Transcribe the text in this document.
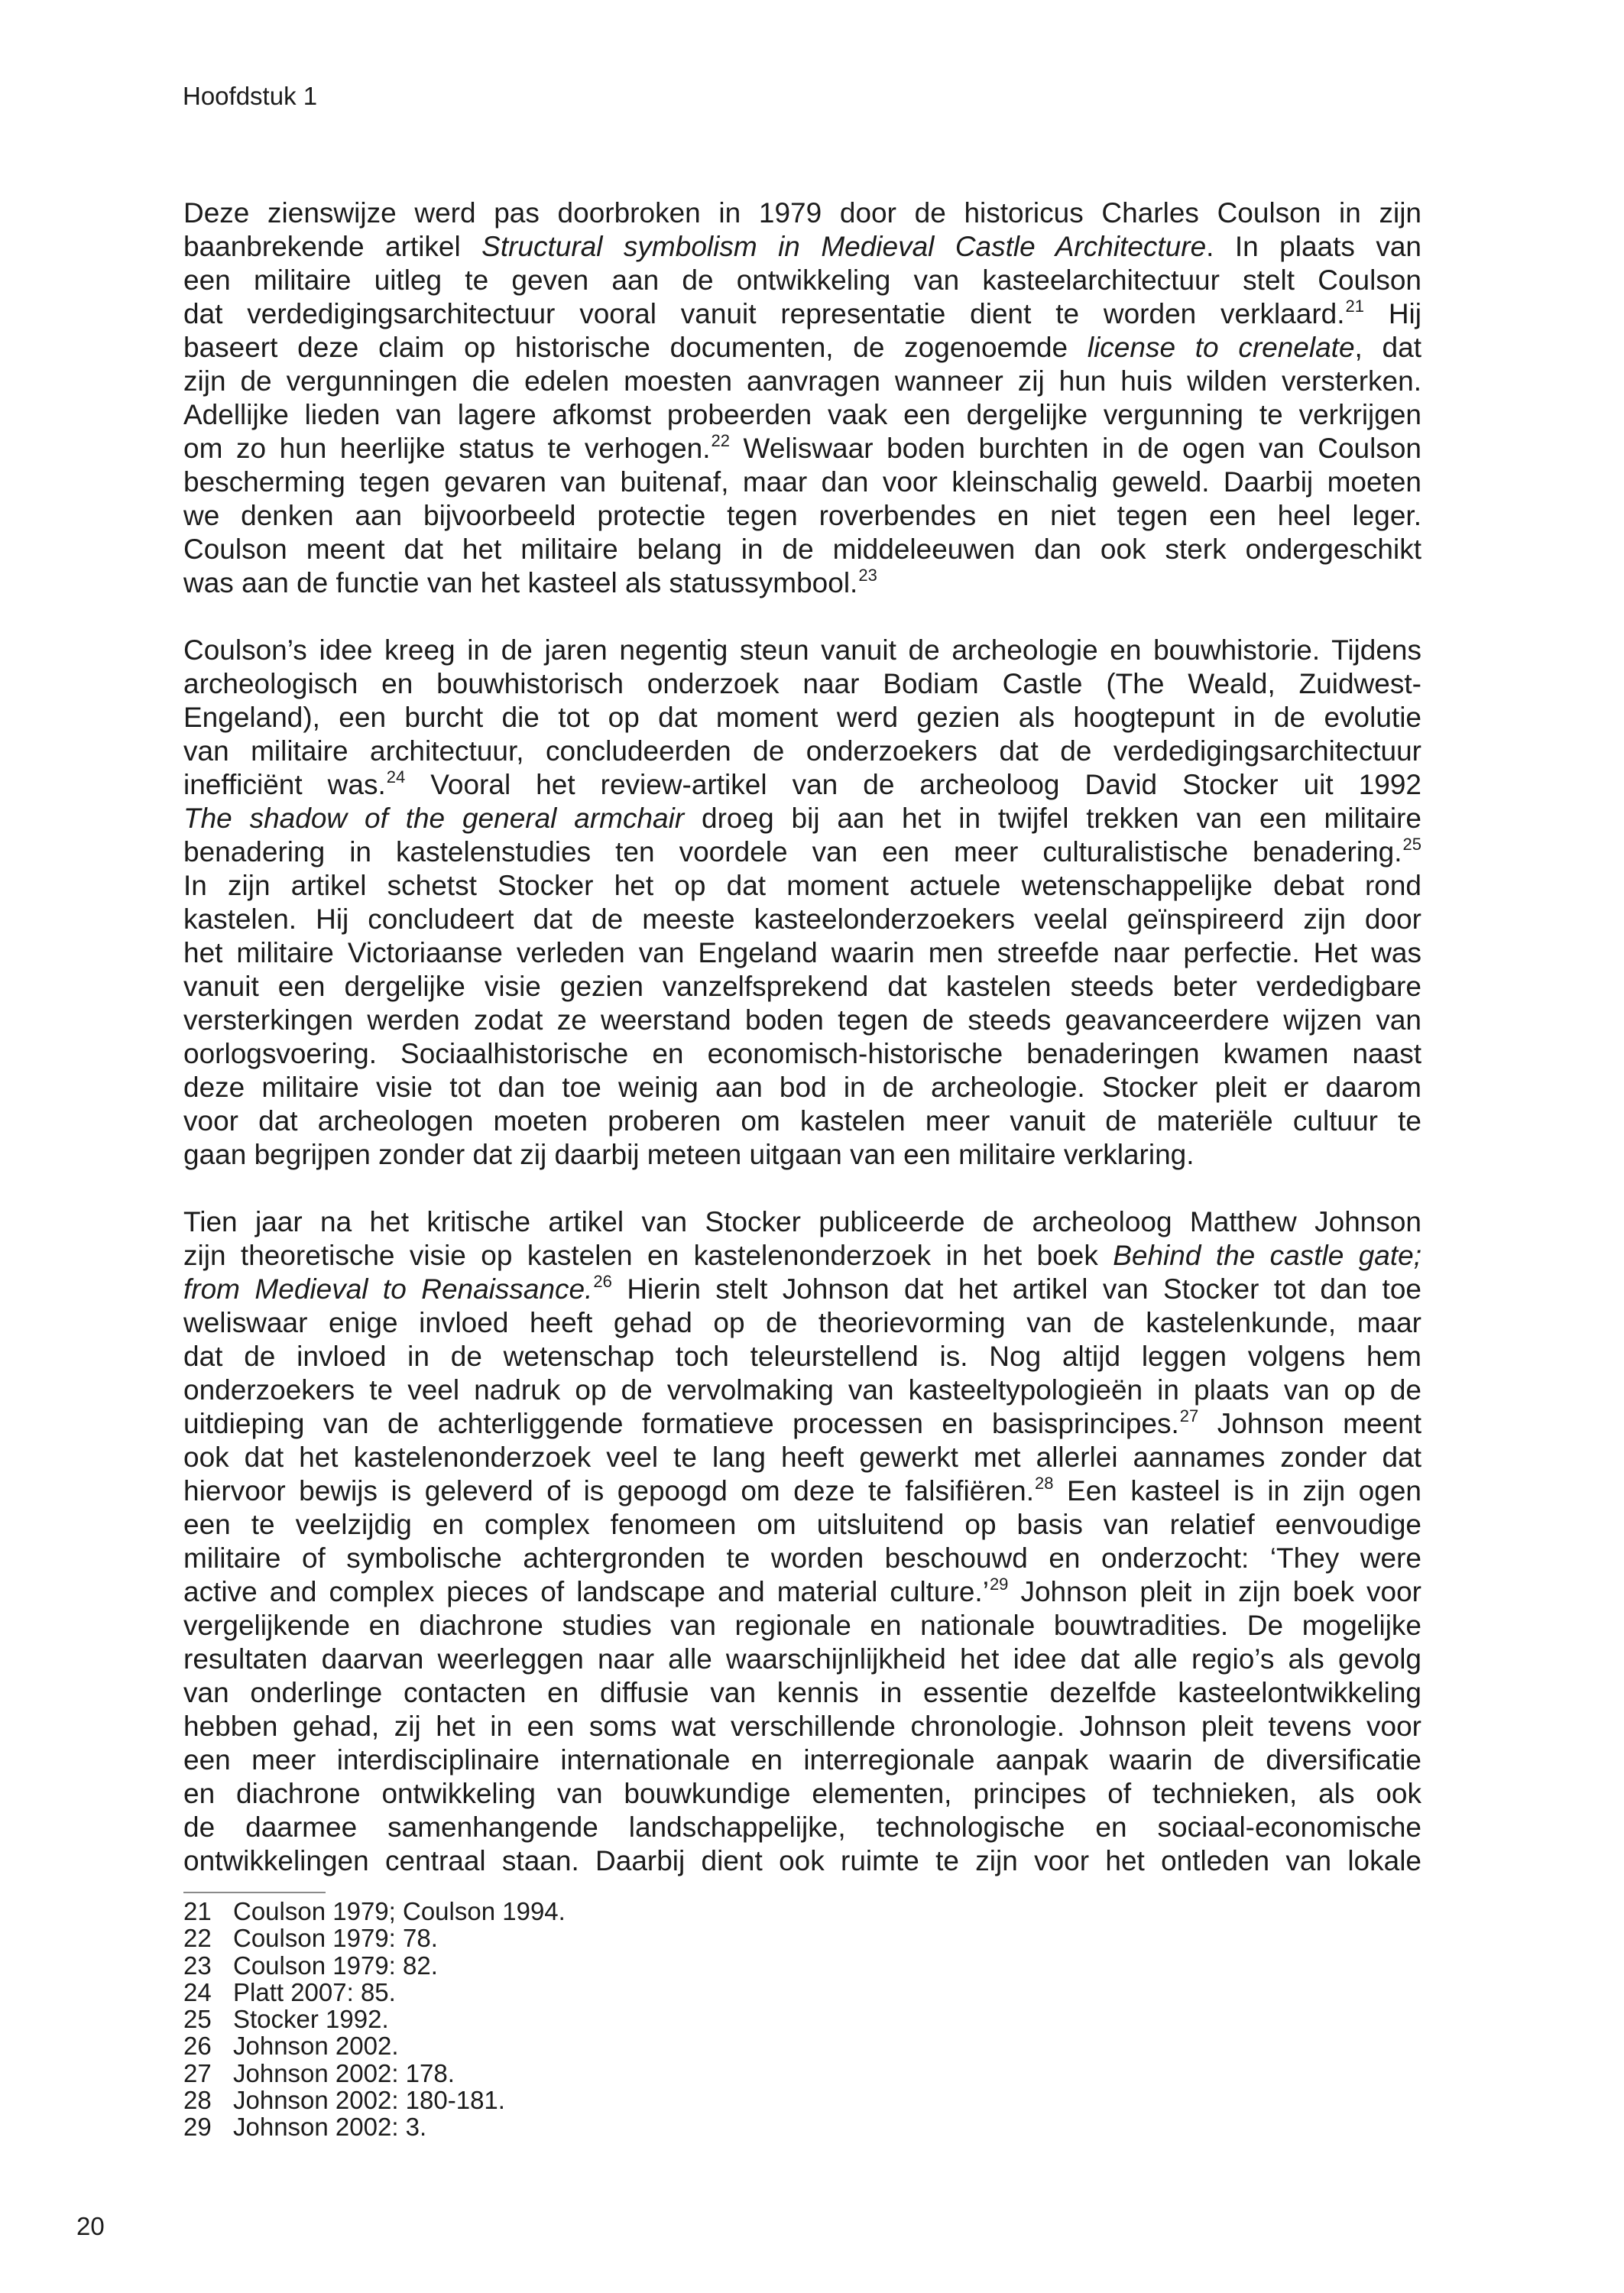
Hoofdstuk 1
Deze zienswijze werd pas doorbroken in 1979 door de historicus Charles Coulson in zijn
baanbrekende artikel Structural symbolism in Medieval Castle Architecture. In plaats van
een militaire uitleg te geven aan de ontwikkeling van kasteelarchitectuur stelt Coulson
dat verdedigingsarchitectuur vooral vanuit representatie dient te worden verklaard.$^{21}$ Hij
baseert deze claim op historische documenten, de zogenoemde license to crenelate, dat
zijn de vergunningen die edelen moesten aanvragen wanneer zij hun huis wilden versterken.
Adellijke lieden van lagere afkomst probeerden vaak een dergelijke vergunning te verkrijgen
om zo hun heerlijke status te verhogen.$^{22}$ Weliswaar boden burchten in de ogen van Coulson
bescherming tegen gevaren van buitenaf, maar dan voor kleinschalig geweld. Daarbij moeten
we denken aan bijvoorbeeld protectie tegen roverbendes en niet tegen een heel leger.
Coulson meent dat het militaire belang in de middeleeuwen dan ook sterk ondergeschikt
was aan de functie van het kasteel als statussymbool.$^{23}$
Coulson’s idee kreeg in de jaren negentig steun vanuit de archeologie en bouwhistorie. Tijdens
archeologisch en bouwhistorisch onderzoek naar Bodiam Castle (The Weald, Zuidwest-
Engeland), een burcht die tot op dat moment werd gezien als hoogtepunt in de evolutie
van militaire architectuur, concludeerden de onderzoekers dat de verdedigingsarchitectuur
inefficiënt was.$^{24}$ Vooral het review-artikel van de archeoloog David Stocker uit 1992
The shadow of the general armchair droeg bij aan het in twijfel trekken van een militaire
benadering in kastelenstudies ten voordele van een meer culturalistische benadering.$^{25}$
In zijn artikel schetst Stocker het op dat moment actuele wetenschappelijke debat rond
kastelen. Hij concludeert dat de meeste kasteelonderzoekers veelal geïnspireerd zijn door
het militaire Victoriaanse verleden van Engeland waarin men streefde naar perfectie. Het was
vanuit een dergelijke visie gezien vanzelfsprekend dat kastelen steeds beter verdedigbare
versterkingen werden zodat ze weerstand boden tegen de steeds geavanceerdere wijzen van
oorlogsvoering. Sociaalhistorische en economisch-historische benaderingen kwamen naast
deze militaire visie tot dan toe weinig aan bod in de archeologie. Stocker pleit er daarom
voor dat archeologen moeten proberen om kastelen meer vanuit de materiële cultuur te
gaan begrijpen zonder dat zij daarbij meteen uitgaan van een militaire verklaring.
Tien jaar na het kritische artikel van Stocker publiceerde de archeoloog Matthew Johnson
zijn theoretische visie op kastelen en kastelenonderzoek in het boek Behind the castle gate;
from Medieval to Renaissance.$^{26}$ Hierin stelt Johnson dat het artikel van Stocker tot dan toe
weliswaar enige invloed heeft gehad op de theorievorming van de kastelenkunde, maar
dat de invloed in de wetenschap toch teleurstellend is. Nog altijd leggen volgens hem
onderzoekers te veel nadruk op de vervolmaking van kasteeltypologieën in plaats van op de
uitdieping van de achterliggende formatieve processen en basisprincipes.$^{27}$ Johnson meent
ook dat het kastelenonderzoek veel te lang heeft gewerkt met allerlei aannames zonder dat
hiervoor bewijs is geleverd of is gepoogd om deze te falsifiëren.$^{28}$ Een kasteel is in zijn ogen
een te veelzijdig en complex fenomeen om uitsluitend op basis van relatief eenvoudige
militaire of symbolische achtergronden te worden beschouwd en onderzocht: ‘They were
active and complex pieces of landscape and material culture.’$^{29}$ Johnson pleit in zijn boek voor
vergelijkende en diachrone studies van regionale en nationale bouwtradities. De mogelijke
resultaten daarvan weerleggen naar alle waarschijnlijkheid het idee dat alle regio’s als gevolg
van onderlinge contacten en diffusie van kennis in essentie dezelfde kasteelontwikkeling
hebben gehad, zij het in een soms wat verschillende chronologie. Johnson pleit tevens voor
een meer interdisciplinaire internationale en interregionale aanpak waarin de diversificatie
en diachrone ontwikkeling van bouwkundige elementen, principes of technieken, als ook
de daarmee samenhangende landschappelijke, technologische en sociaal-economische
ontwikkelingen centraal staan. Daarbij dient ook ruimte te zijn voor het ontleden van lokale
21 Coulson 1979; Coulson 1994.
22 Coulson 1979: 78.
23 Coulson 1979: 82.
24 Platt 2007: 85.
25 Stocker 1992.
26 Johnson 2002.
27 Johnson 2002: 178.
28 Johnson 2002: 180-181.
29 Johnson 2002: 3.
20
